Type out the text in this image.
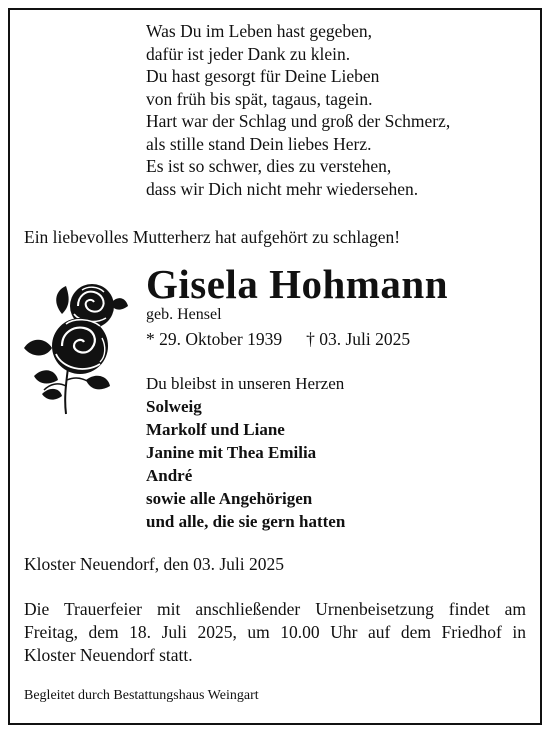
Was Du im Leben hast gegeben,
dafür ist jeder Dank zu klein.
Du hast gesorgt für Deine Lieben
von früh bis spät, tagaus, tagein.
Hart war der Schlag und groß der Schmerz,
als stille stand Dein liebes Herz.
Es ist so schwer, dies zu verstehen,
dass wir Dich nicht mehr wiedersehen.
Ein liebevolles Mutterherz hat aufgehört zu schlagen!
Gisela Hohmann
geb. Hensel
* 29. Oktober 1939 † 03. Juli 2025
Du bleibst in unseren Herzen
Solweig
Markolf und Liane
Janine mit Thea Emilia
André
sowie alle Angehörigen
und alle, die sie gern hatten
Kloster Neuendorf, den 03. Juli 2025
Die Trauerfeier mit anschließender Urnenbeisetzung findet am
Freitag, dem 18. Juli 2025, um 10.00 Uhr auf dem Friedhof in
Kloster Neuendorf statt.
Begleitet durch Bestattungshaus Weingart
